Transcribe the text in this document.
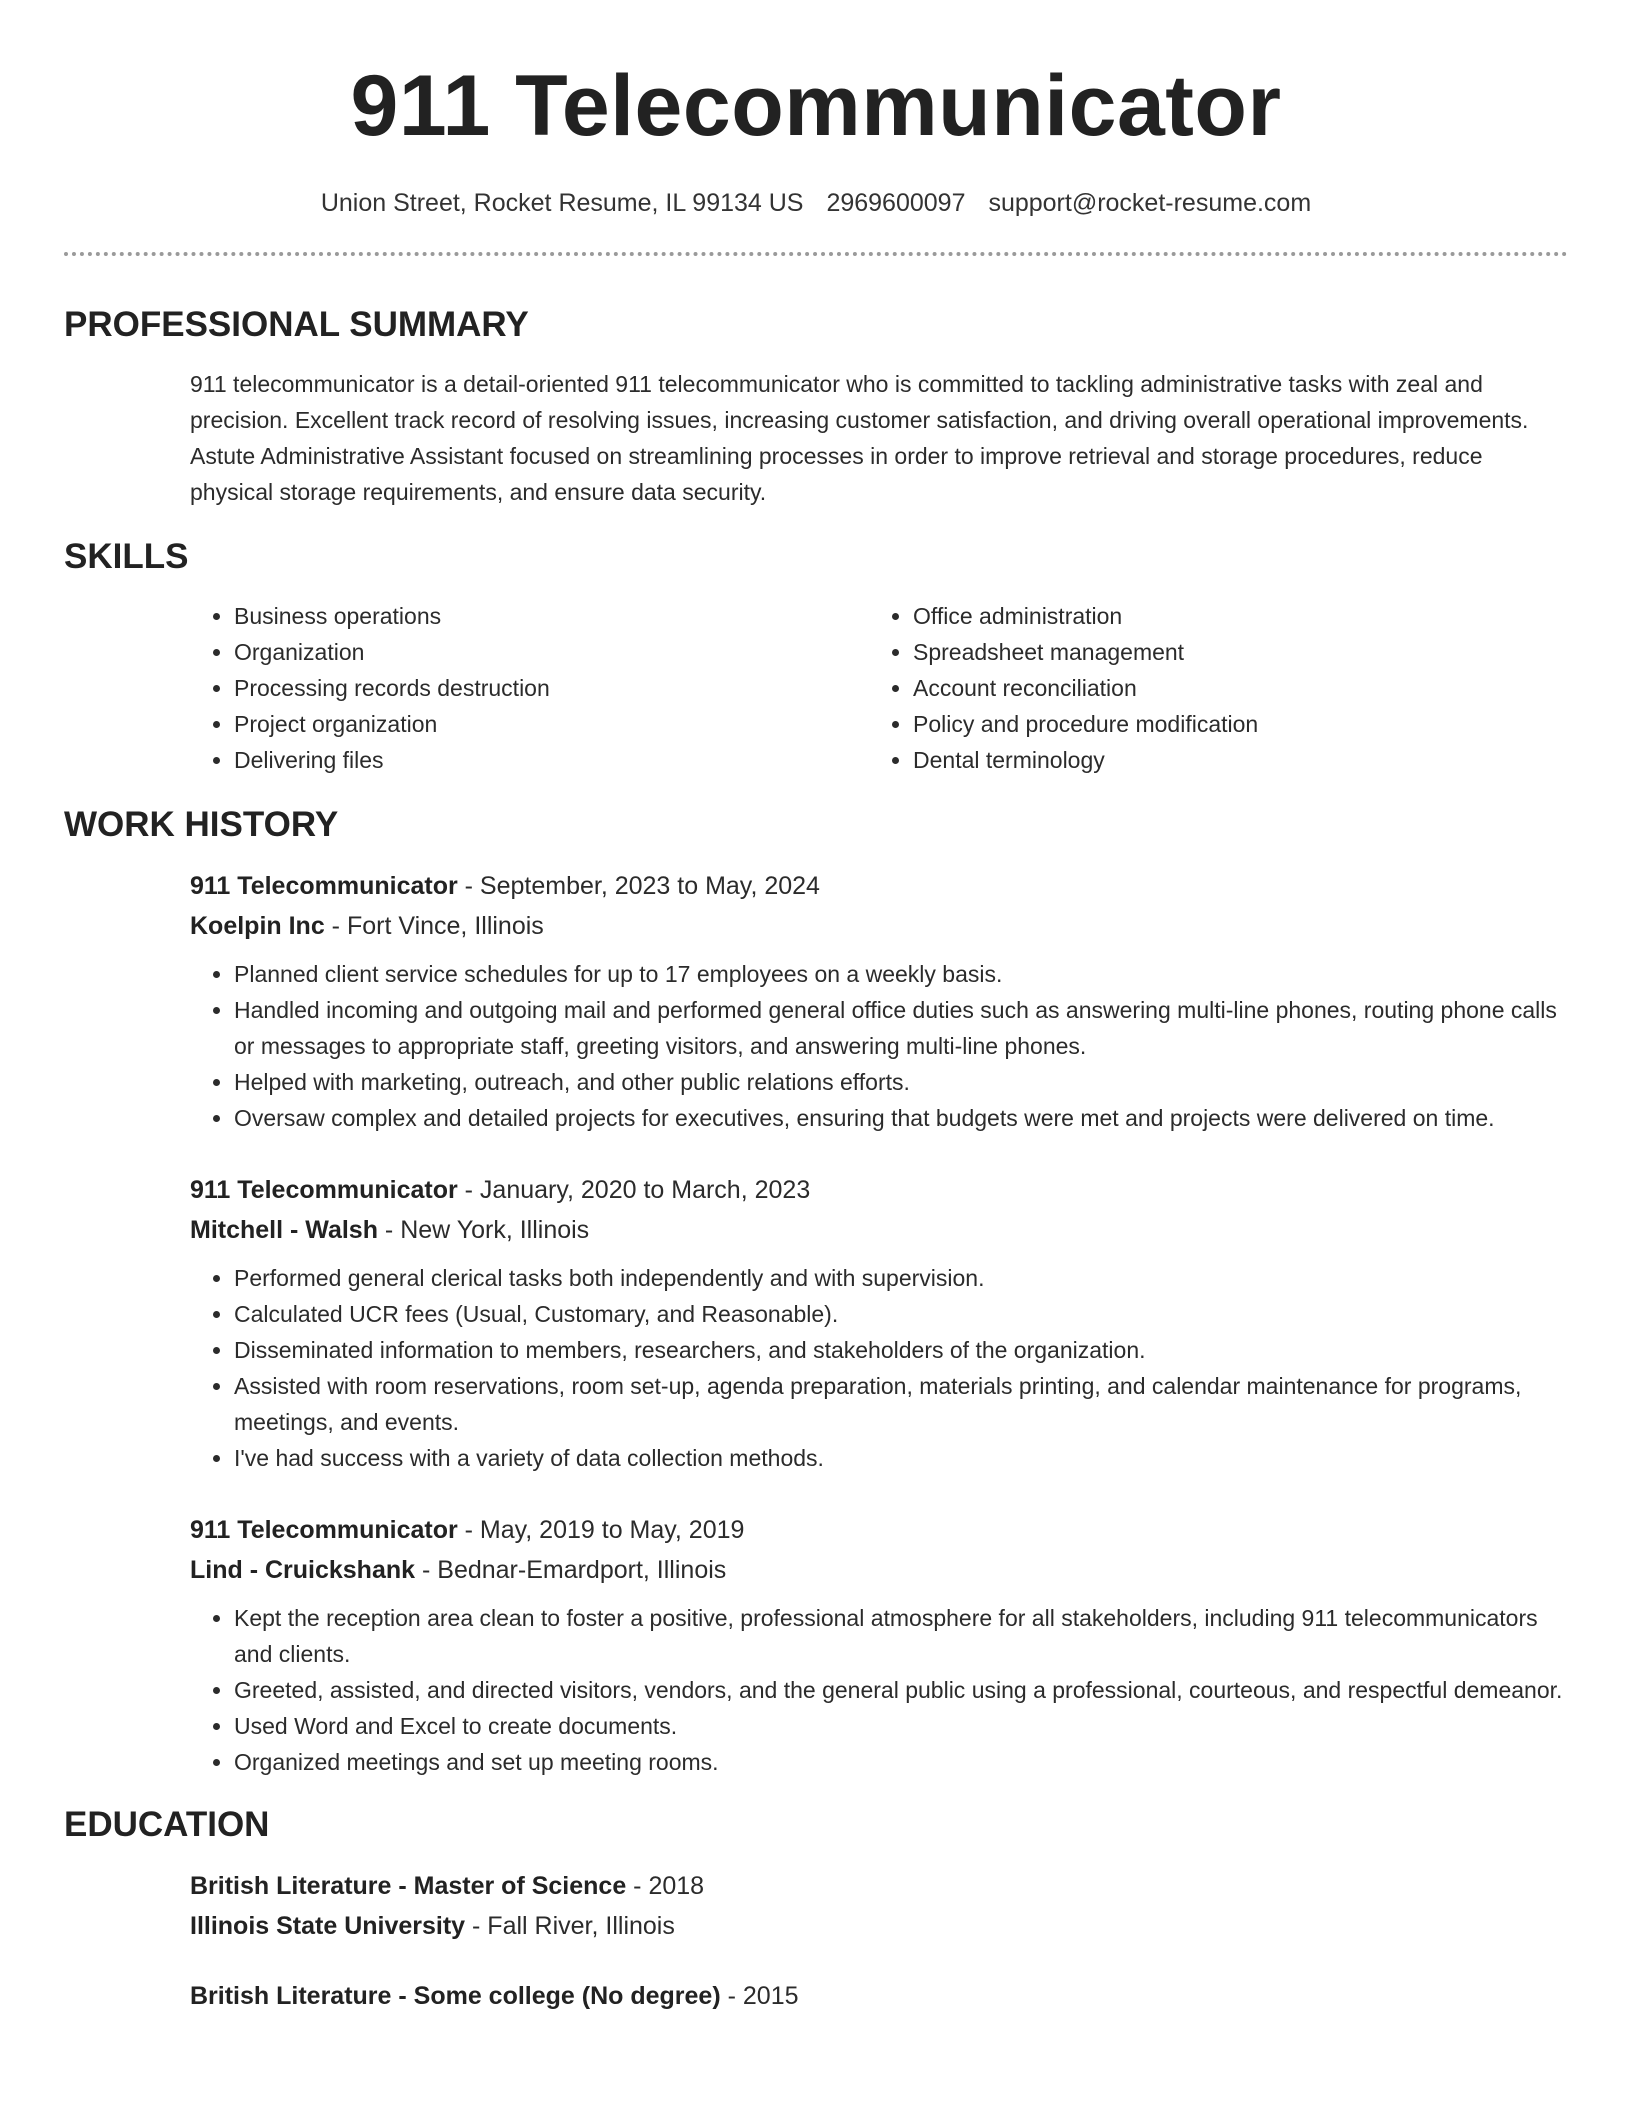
911 Telecommunicator
Union Street, Rocket Resume, IL 99134 US 2969600097 support@rocket-resume.com
PROFESSIONAL SUMMARY

911 telecommunicator is a detail-oriented 911 telecommunicator who is committed to tackling administrative tasks with zeal and precision. Excellent track record of resolving issues, increasing customer satisfaction, and driving overall operational improvements. Astute Administrative Assistant focused on streamlining processes in order to improve retrieval and storage procedures, reduce physical storage requirements, and ensure data security.

SKILLS
• Business operations
• Organization
• Processing records destruction
• Project organization
• Delivering files
• Office administration
• Spreadsheet management
• Account reconciliation
• Policy and procedure modification
• Dental terminology
WORK HISTORY
911 Telecommunicator - September, 2023 to May, 2024
Koelpin Inc - Fort Vince, Illinois
• Planned client service schedules for up to 17 employees on a weekly basis.
• Handled incoming and outgoing mail and performed general office duties such as answering multi-line phones, routing phone calls or messages to appropriate staff, greeting visitors, and answering multi-line phones.
• Helped with marketing, outreach, and other public relations efforts.
• Oversaw complex and detailed projects for executives, ensuring that budgets were met and projects were delivered on time.
911 Telecommunicator - January, 2020 to March, 2023
Mitchell - Walsh - New York, Illinois
• Performed general clerical tasks both independently and with supervision.
• Calculated UCR fees (Usual, Customary, and Reasonable).
• Disseminated information to members, researchers, and stakeholders of the organization.
• Assisted with room reservations, room set-up, agenda preparation, materials printing, and calendar maintenance for programs, meetings, and events.
• I've had success with a variety of data collection methods.
911 Telecommunicator - May, 2019 to May, 2019
Lind - Cruickshank - Bednar-Emardport, Illinois
• Kept the reception area clean to foster a positive, professional atmosphere for all stakeholders, including 911 telecommunicators and clients.
• Greeted, assisted, and directed visitors, vendors, and the general public using a professional, courteous, and respectful demeanor.
• Used Word and Excel to create documents.
• Organized meetings and set up meeting rooms.
EDUCATION
British Literature - Master of Science - 2018
Illinois State University - Fall River, Illinois
British Literature - Some college (No degree) - 2015
